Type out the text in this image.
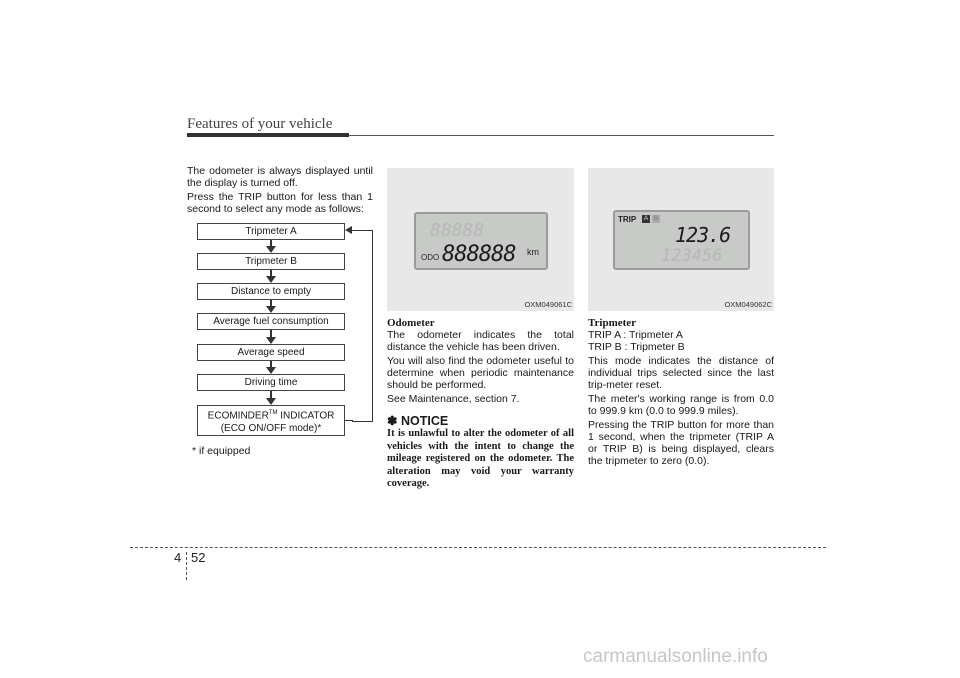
Features of your vehicle

The odometer is always displayed until the display is turned off.

Press the TRIP button for less than 1 second to select any mode as follows:

Tripmeter A
Tripmeter B
Distance to empty
Average fuel consumption
Average speed
Driving time
ECOMINDER™ INDICATOR
(ECO ON/OFF mode)*
* if equipped
88888
ODO 888888 km
OXM049061C
Odometer

The odometer indicates the total distance the vehicle has been driven.

You will also find the odometer useful to determine when periodic maintenance should be performed.

See Maintenance, section 7.

✽ NOTICE
It is unlawful to alter the odometer of all vehicles with the intent to change the mileage registered on the odometer. The alteration may void your warranty coverage.
TRIP A B
123.6
123456
OXM049062C
Tripmeter

TRIP A : Tripmeter A

TRIP B : Tripmeter B

This mode indicates the distance of individual trips selected since the last trip-meter reset.

The meter's working range is from 0.0 to 999.9 km (0.0 to 999.9 miles).

Pressing the TRIP button for more than 1 second, when the tripmeter (TRIP A or TRIP B) is being displayed, clears the tripmeter to zero (0.0).

4 52
carmanualsonline.info
